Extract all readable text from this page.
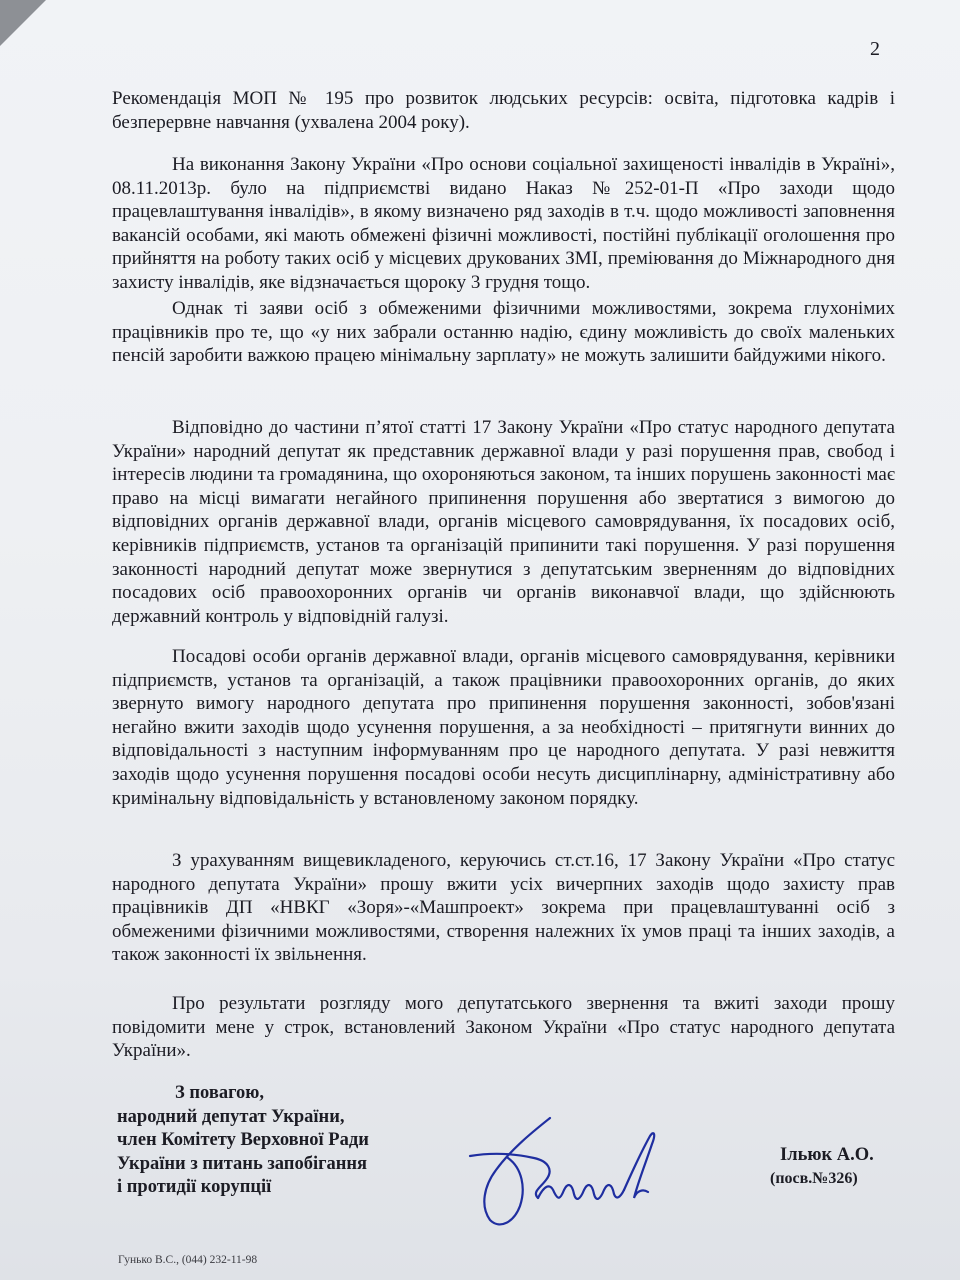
2

Рекомендація МОП № 195 про розвиток людських ресурсів: освіта, підготовка кадрів і безперервне навчання (ухвалена 2004 року).

На виконання Закону України «Про основи соціальної захищеності інвалідів в Україні», 08.11.2013р. було на підприємстві видано Наказ №252-01-П «Про заходи щодо працевлаштування інвалідів», в якому визначено ряд заходів в т.ч. щодо можливості заповнення вакансій особами, які мають обмежені фізичні можливості, постійні публікації оголошення про прийняття на роботу таких осіб у місцевих друкованих ЗМІ, преміювання до Міжнародного дня захисту інвалідів, яке відзначається щороку 3 грудня тощо.

Однак ті заяви осіб з обмеженими фізичними можливостями, зокрема глухонімих працівників про те, що «у них забрали останню надію, єдину можливість до своїх маленьких пенсій заробити важкою працею мінімальну зарплату» не можуть залишити байдужими нікого.

Відповідно до частини п’ятої статті 17 Закону України «Про статус народного депутата України» народний депутат як представник державної влади у разі порушення прав, свобод і інтересів людини та громадянина, що охороняються законом, та інших порушень законності має право на місці вимагати негайного припинення порушення або звертатися з вимогою до відповідних органів державної влади, органів місцевого самоврядування, їх посадових осіб, керівників підприємств, установ та організацій припинити такі порушення. У разі порушення законності народний депутат може звернутися з депутатським зверненням до відповідних посадових осіб правоохоронних органів чи органів виконавчої влади, що здійснюють державний контроль у відповідній галузі.

Посадові особи органів державної влади, органів місцевого самоврядування, керівники підприємств, установ та організацій, а також працівники правоохоронних органів, до яких звернуто вимогу народного депутата про припинення порушення законності, зобов'язані негайно вжити заходів щодо усунення порушення, а за необхідності – притягнути винних до відповідальності з наступним інформуванням про це народного депутата. У разі невжиття заходів щодо усунення порушення посадові особи несуть дисциплінарну, адміністративну або кримінальну відповідальність у встановленому законом порядку.

З урахуванням вищевикладеного, керуючись ст.ст.16, 17 Закону України «Про статус народного депутата України» прошу вжити усіх вичерпних заходів щодо захисту прав працівників ДП «НВКГ «Зоря»-«Машпроект» зокрема при працевлаштуванні осіб з обмеженими фізичними можливостями, створення належних їх умов праці та інших заходів, а також законності їх звільнення.

Про результати розгляду мого депутатського звернення та вжиті заходи прошу повідомити мене у строк, встановлений Законом України «Про статус народного депутата України».

З повагою,
народний депутат України,
член Комітету Верховної Ради
України з питань запобігання
і протидії корупції
Ільюк А.О.
(посв.№326)
Гунько В.С., (044) 232-11-98
